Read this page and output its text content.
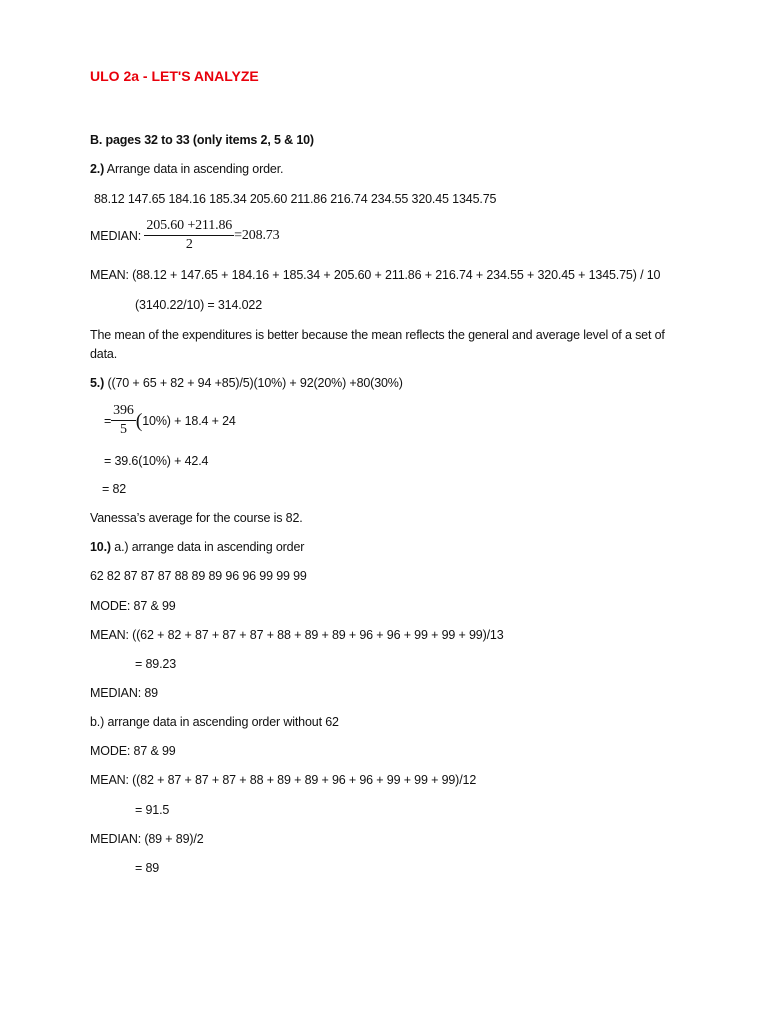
ULO 2a - LET'S ANALYZE
B. pages 32 to 33 (only items 2, 5 & 10)
2.) Arrange data in ascending order.
88.12 147.65 184.16 185.34 205.60 211.86 216.74 234.55 320.45 1345.75
MEDIAN: $\frac{205.60 +211.86}{2} =208.73$
MEAN: (88.12 + 147.65 + 184.16 + 185.34 + 205.60 + 211.86 + 216.74 + 234.55 + 320.45 + 1345.75) / 10
(3140.22/10) = 314.022
The mean of the expenditures is better because the mean reflects the general and average level of a set of data.
5.) ((70 + 65 + 82 + 94 +85)/5)(10%) + 92(20%) +80(30%)
= $\frac{396}{5} (10\%) + 18.4 + 24$
= 39.6(10%) + 42.4
= 82
Vanessa’s average for the course is 82.
10.) a.) arrange data in ascending order
62 82 87 87 87 88 89 89 96 96 99 99 99
MODE: 87 & 99
MEAN: ((62 + 82 + 87 + 87 + 87 + 88 + 89 + 89 + 96 + 96 + 99 + 99 + 99)/13
= 89.23
MEDIAN: 89
b.) arrange data in ascending order without 62
MODE: 87 & 99
MEAN: ((82 + 87 + 87 + 87 + 88 + 89 + 89 + 96 + 96 + 99 + 99 + 99)/12
= 91.5
MEDIAN: (89 + 89)/2
= 89
